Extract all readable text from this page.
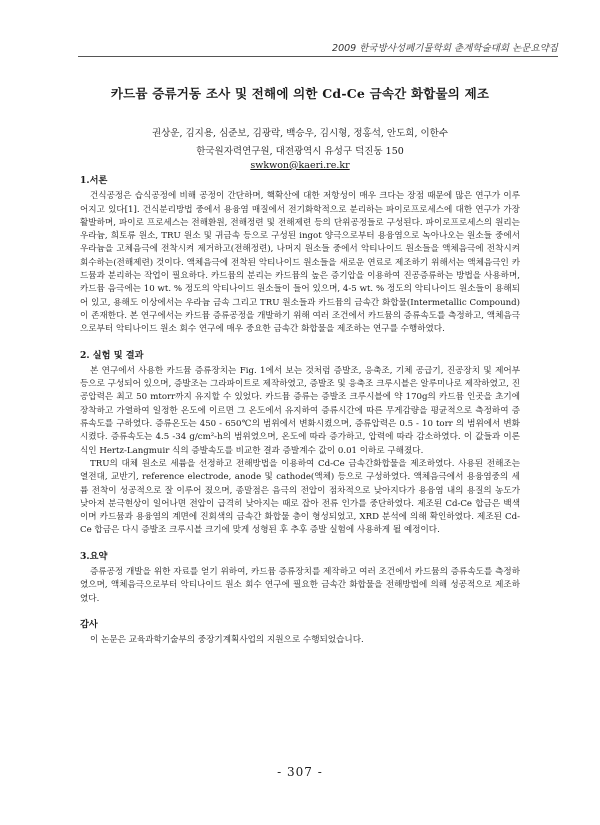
2009 한국방사성폐기물학회 춘계학술대회 논문요약집
카드뮴 증류거동 조사 및 전해에 의한 Cd-Ce 금속간 화합물의 제조
권상운, 김지용, 심준보, 김광락, 백승우, 김시형, 정홍석, 안도희, 이한수
한국원자력연구원, 대전광역시 유성구 덕진동 150
swkwon@kaeri.re.kr
1.서론

건식공정은 습식공정에 비해 공정이 간단하며, 핵확산에 대한 저항성이 매우 크다는 장점 때문에 많은 연구가 이루어지고 있다[1]. 건식분리방법 중에서 용융염 매질에서 전기화학적으로 분리하는 파이로프로세스에 대한 연구가 가장 활발하며, 파이로 프로세스는 전해환원, 전해정련 및 전해제련 등의 단위공정들로 구성된다. 파이로프로세스의 원리는 우라늄, 희토류 원소, TRU 원소 및 귀금속 등으로 구성된 ingot 양극으로부터 용융염으로 녹아나오는 원소들 중에서 우라늄을 고체음극에 전착시켜 제거하고(전해정련), 나머지 원소들 중에서 악티나이드 원소들을 액체음극에 전착시켜 회수하는(전해제련) 것이다. 액체음극에 전착된 악티나이드 원소들을 새로운 연료로 제조하기 위해서는 액체음극인 카드뮴과 분리하는 작업이 필요하다. 카드뮴의 분리는 카드뮴의 높은 증기압을 이용하여 진공증류하는 방법을 사용하며, 카드뮴 음극에는 10 wt. % 정도의 악티나이드 원소들이 들어 있으며, 4-5 wt. % 정도의 악티나이드 원소들이 용해되어 있고, 용해도 이상에서는 우라늄 금속 그리고 TRU 원소들과 카드뮴의 금속간 화합물(Intermetallic Compound)이 존재한다. 본 연구에서는 카드뮴 증류공정을 개발하기 위해 여러 조건에서 카드뮴의 증류속도를 측정하고, 액체음극으로부터 악티나이드 원소 회수 연구에 매우 중요한 금속간 화합물을 제조하는 연구를 수행하였다.

2. 실험 및 결과

본 연구에서 사용한 카드뮴 증류장치는 Fig. 1에서 보는 것처럼 증발조, 응축조, 기체 공급기, 진공장치 및 제어부 등으로 구성되어 있으며, 증발조는 그라파이트로 제작하였고, 증발조 및 응축조 크루시블은 알루미나로 제작하였고, 진공압력은 최고 50 mtorr까지 유지할 수 있었다. 카드뮴 증류는 증발조 크루시블에 약 170g의 카드뮴 인곳을 초기에 장착하고 가열하여 일정한 온도에 이르면 그 온도에서 유지하여 증류시간에 따른 무게감량을 평균적으로 측정하여 증류속도를 구하였다. 증류온도는 450 - 650℃의 범위에서 변화시켰으며, 증류압력은 0.5 - 10 torr 의 범위에서 변화시켰다. 증류속도는 4.5 -34 g/cm²-h의 범위였으며, 온도에 따라 증가하고, 압력에 따라 감소하였다. 이 값들과 이론식인 Hertz-Langmuir 식의 증발속도를 비교한 결과 증발계수 값이 0.01 이하로 구해졌다.

TRU의 대체 원소로 세륨을 선정하고 전해방법을 이용하여 Cd-Ce 금속간화합물을 제조하였다. 사용된 전해조는 열전대, 교반기, reference electrode, anode 및 cathode(액체) 등으로 구성하였다. 액체음극에서 용융염중의 세륨 전착이 성공적으로 잘 이루어 졌으며, 종말점은 음극의 전압이 점차적으로 낮아지다가 용융염 내의 용질의 농도가 낮아져 분극현상이 일어나면 전압이 급격히 낮아지는 때로 잡아 전류 인가를 중단하였다. 제조된 Cd-Ce 합금은 백색이며 카드뮴과 용융염의 계면에 진회색의 금속간 화합물 층이 형성되었고, XRD 분석에 의해 확인하였다. 제조된 Cd-Ce 합금은 다시 증발조 크루시블 크기에 맞게 성형된 후 추후 증발 실험에 사용하게 될 예정이다.

3.요약

증류공정 개발을 위한 자료를 얻기 위하여, 카드뮴 증류장치를 제작하고 여러 조건에서 카드뮴의 증류속도를 측정하였으며, 액체음극으로부터 악티나이드 원소 회수 연구에 필요한 금속간 화합물을 전해방법에 의해 성공적으로 제조하였다.

감사

이 논문은 교육과학기술부의 중장기계획사업의 지원으로 수행되었습니다.

- 307 -
